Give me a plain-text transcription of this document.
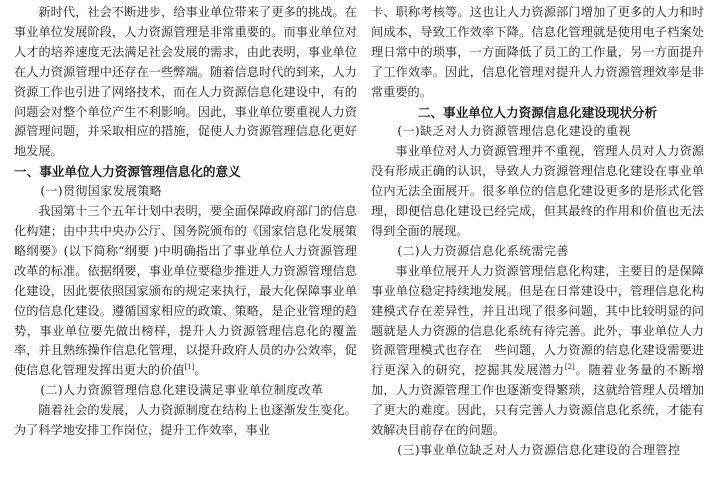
新时代，社会不断进步，给事业单位带来了更多的挑战。在事业单位发展阶段，人力资源管理是非常重要的。而事业单位对人才的培养速度无法满足社会发展的需求，由此表明，事业单位在人力资源管理中还存在一些弊端。随着信息时代的到来，人力资源工作也引进了网络技术，而在人力资源信息化建设中，有的问题会对整个单位产生不利影响。因此，事业单位要重视人力资源管理问题，并采取相应的措施，促使人力资源管理信息化更好地发展。

一、事业单位人力资源管理信息化的意义

(一)贯彻国家发展策略

我国第十三个五年计划中表明，要全面保障政府部门的信息化构建；由中共中央办公厅、国务院颁布的《国家信息化发展策略纲要》(以下简称“纲要 )中明确指出了事业单位人力资源管理改革的标准。依据纲要，事业单位要稳步推进人力资源管理信息化建设，因此要依照国家颁布的规定来执行，最大化保障事业单位的信息化建设。遵循国家相应的政策、策略，是企业管理的趋势，事业单位要先做出榜样，提升人力资源管理信息化的覆盖率，并且熟练操作信息化管理，以提升政府人员的办公效率，促使信息化管理发挥出更大的价值[1]。

(二)人力资源管理信息化建设满足事业单位制度改革

随着社会的发展，人力资源制度在结构上也逐渐发生变化。为了科学地安排工作岗位，提升工作效率，事业

卡、职称考核等。这也让人力资源部门增加了更多的人力和时间成本，导致工作效率下降。信息化管理就是使用电子档案处理日常中的琐事，一方面降低了员工的工作量，另一方面提升了工作效率。因此，信息化管理对提升人力资源管理效率是非常重要的。

二、事业单位人力资源信息化建设现状分析

(一)缺乏对人力资源管理信息化建设的重视

事业单位对人力资源管理并不重视，管理人员对人力资源没有形成正确的认识，导致人力资源管理信息化建设在事业单位内无法全面展开。很多单位的信息化建设更多的是形式化管理，即便信息化建设已经完成，但其最终的作用和价值也无法得到全面的展现。

(二)人力资源信息化系统需完善

事业单位展开人力资源管理信息化构建，主要目的是保障事业单位稳定持续地发展。但是在日常建设中，管理信息化构建模式存在差异性，并且出现了很多问题，其中比较明显的问题就是人力资源的信息化系统有待完善。此外，事业单位人力资源管理模式也存在　些问题，人力资源的信息化建设需要进行更深入的研究，挖掘其发展潜力[2]。随着业务量的不断增加，人力资源管理工作也逐渐变得繁琐，这就给管理人员增加了更大的难度。因此，只有完善人力资源信息化系统，才能有效解决目前存在的问题。

(三)事业单位缺乏对人力资源信息化建设的合理管控
